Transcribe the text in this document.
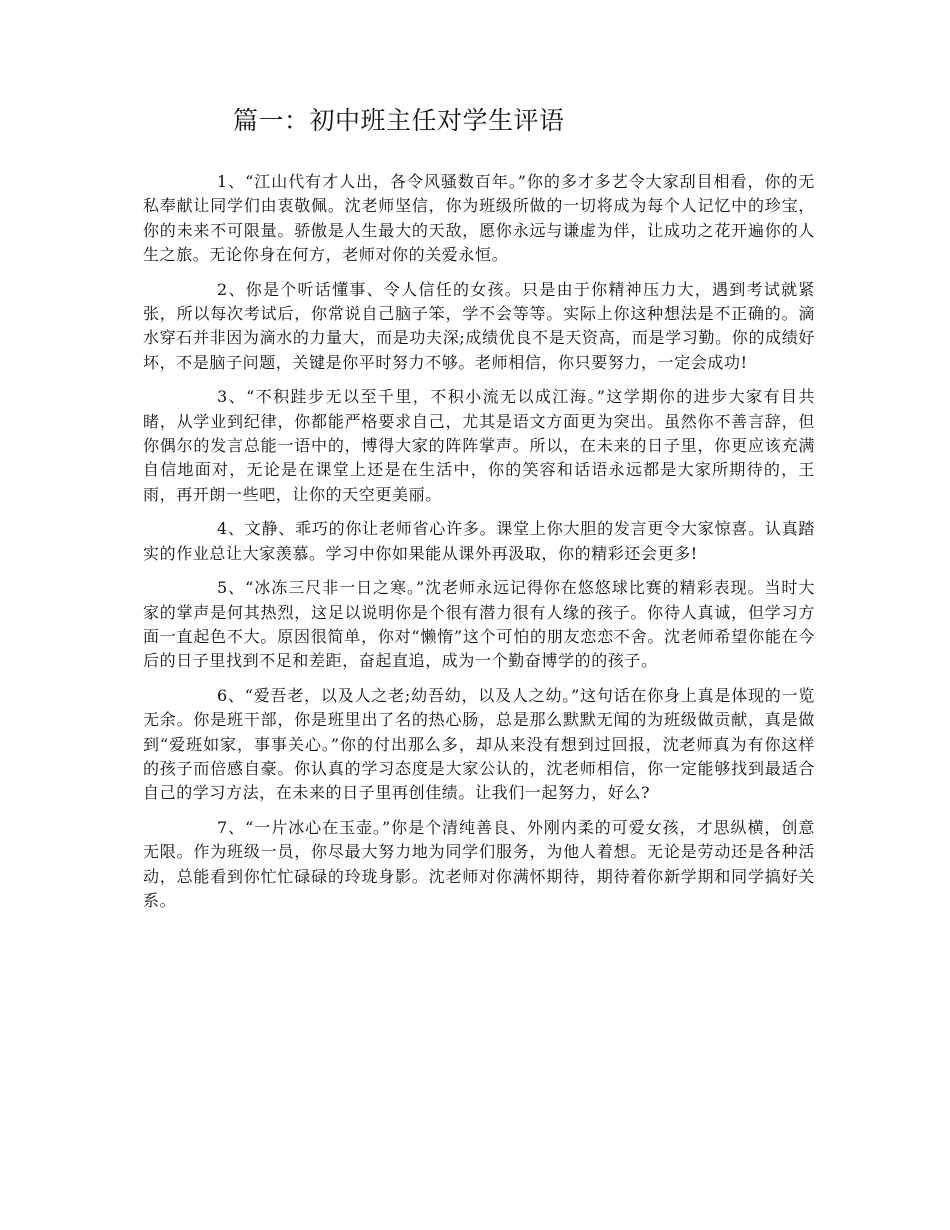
篇一：初中班主任对学生评语

1、“江山代有才人出，各令风骚数百年。”你的多才多艺令大家刮目相看，你的无私奉献让同学们由衷敬佩。沈老师坚信，你为班级所做的一切将成为每个人记忆中的珍宝，你的未来不可限量。骄傲是人生最大的天敌，愿你永远与谦虚为伴，让成功之花开遍你的人生之旅。无论你身在何方，老师对你的关爱永恒。

2、你是个听话懂事、令人信任的女孩。只是由于你精神压力大，遇到考试就紧张，所以每次考试后，你常说自己脑子笨，学不会等等。实际上你这种想法是不正确的。滴水穿石并非因为滴水的力量大，而是功夫深;成绩优良不是天资高，而是学习勤。你的成绩好坏，不是脑子问题，关键是你平时努力不够。老师相信，你只要努力，一定会成功!

3、“不积跬步无以至千里，不积小流无以成江海。”这学期你的进步大家有目共睹，从学业到纪律，你都能严格要求自己，尤其是语文方面更为突出。虽然你不善言辞，但你偶尔的发言总能一语中的，博得大家的阵阵掌声。所以，在未来的日子里，你更应该充满自信地面对，无论是在课堂上还是在生活中，你的笑容和话语永远都是大家所期待的，王雨，再开朗一些吧，让你的天空更美丽。

4、文静、乖巧的你让老师省心许多。课堂上你大胆的发言更令大家惊喜。认真踏实的作业总让大家羡慕。学习中你如果能从课外再汲取，你的精彩还会更多!

5、“冰冻三尺非一日之寒。”沈老师永远记得你在悠悠球比赛的精彩表现。当时大家的掌声是何其热烈，这足以说明你是个很有潜力很有人缘的孩子。你待人真诚，但学习方面一直起色不大。原因很简单，你对“懒惰”这个可怕的朋友恋恋不舍。沈老师希望你能在今后的日子里找到不足和差距，奋起直追，成为一个勤奋博学的的孩子。

6、“爱吾老，以及人之老;幼吾幼，以及人之幼。”这句话在你身上真是体现的一览无余。你是班干部，你是班里出了名的热心肠，总是那么默默无闻的为班级做贡献，真是做到“爱班如家，事事关心。”你的付出那么多，却从来没有想到过回报，沈老师真为有你这样的孩子而倍感自豪。你认真的学习态度是大家公认的，沈老师相信，你一定能够找到最适合自己的学习方法，在未来的日子里再创佳绩。让我们一起努力，好么?

7、“一片冰心在玉壶。”你是个清纯善良、外刚内柔的可爱女孩，才思纵横，创意无限。作为班级一员，你尽最大努力地为同学们服务，为他人着想。无论是劳动还是各种活动，总能看到你忙忙碌碌的玲珑身影。沈老师对你满怀期待，期待着你新学期和同学搞好关系。
